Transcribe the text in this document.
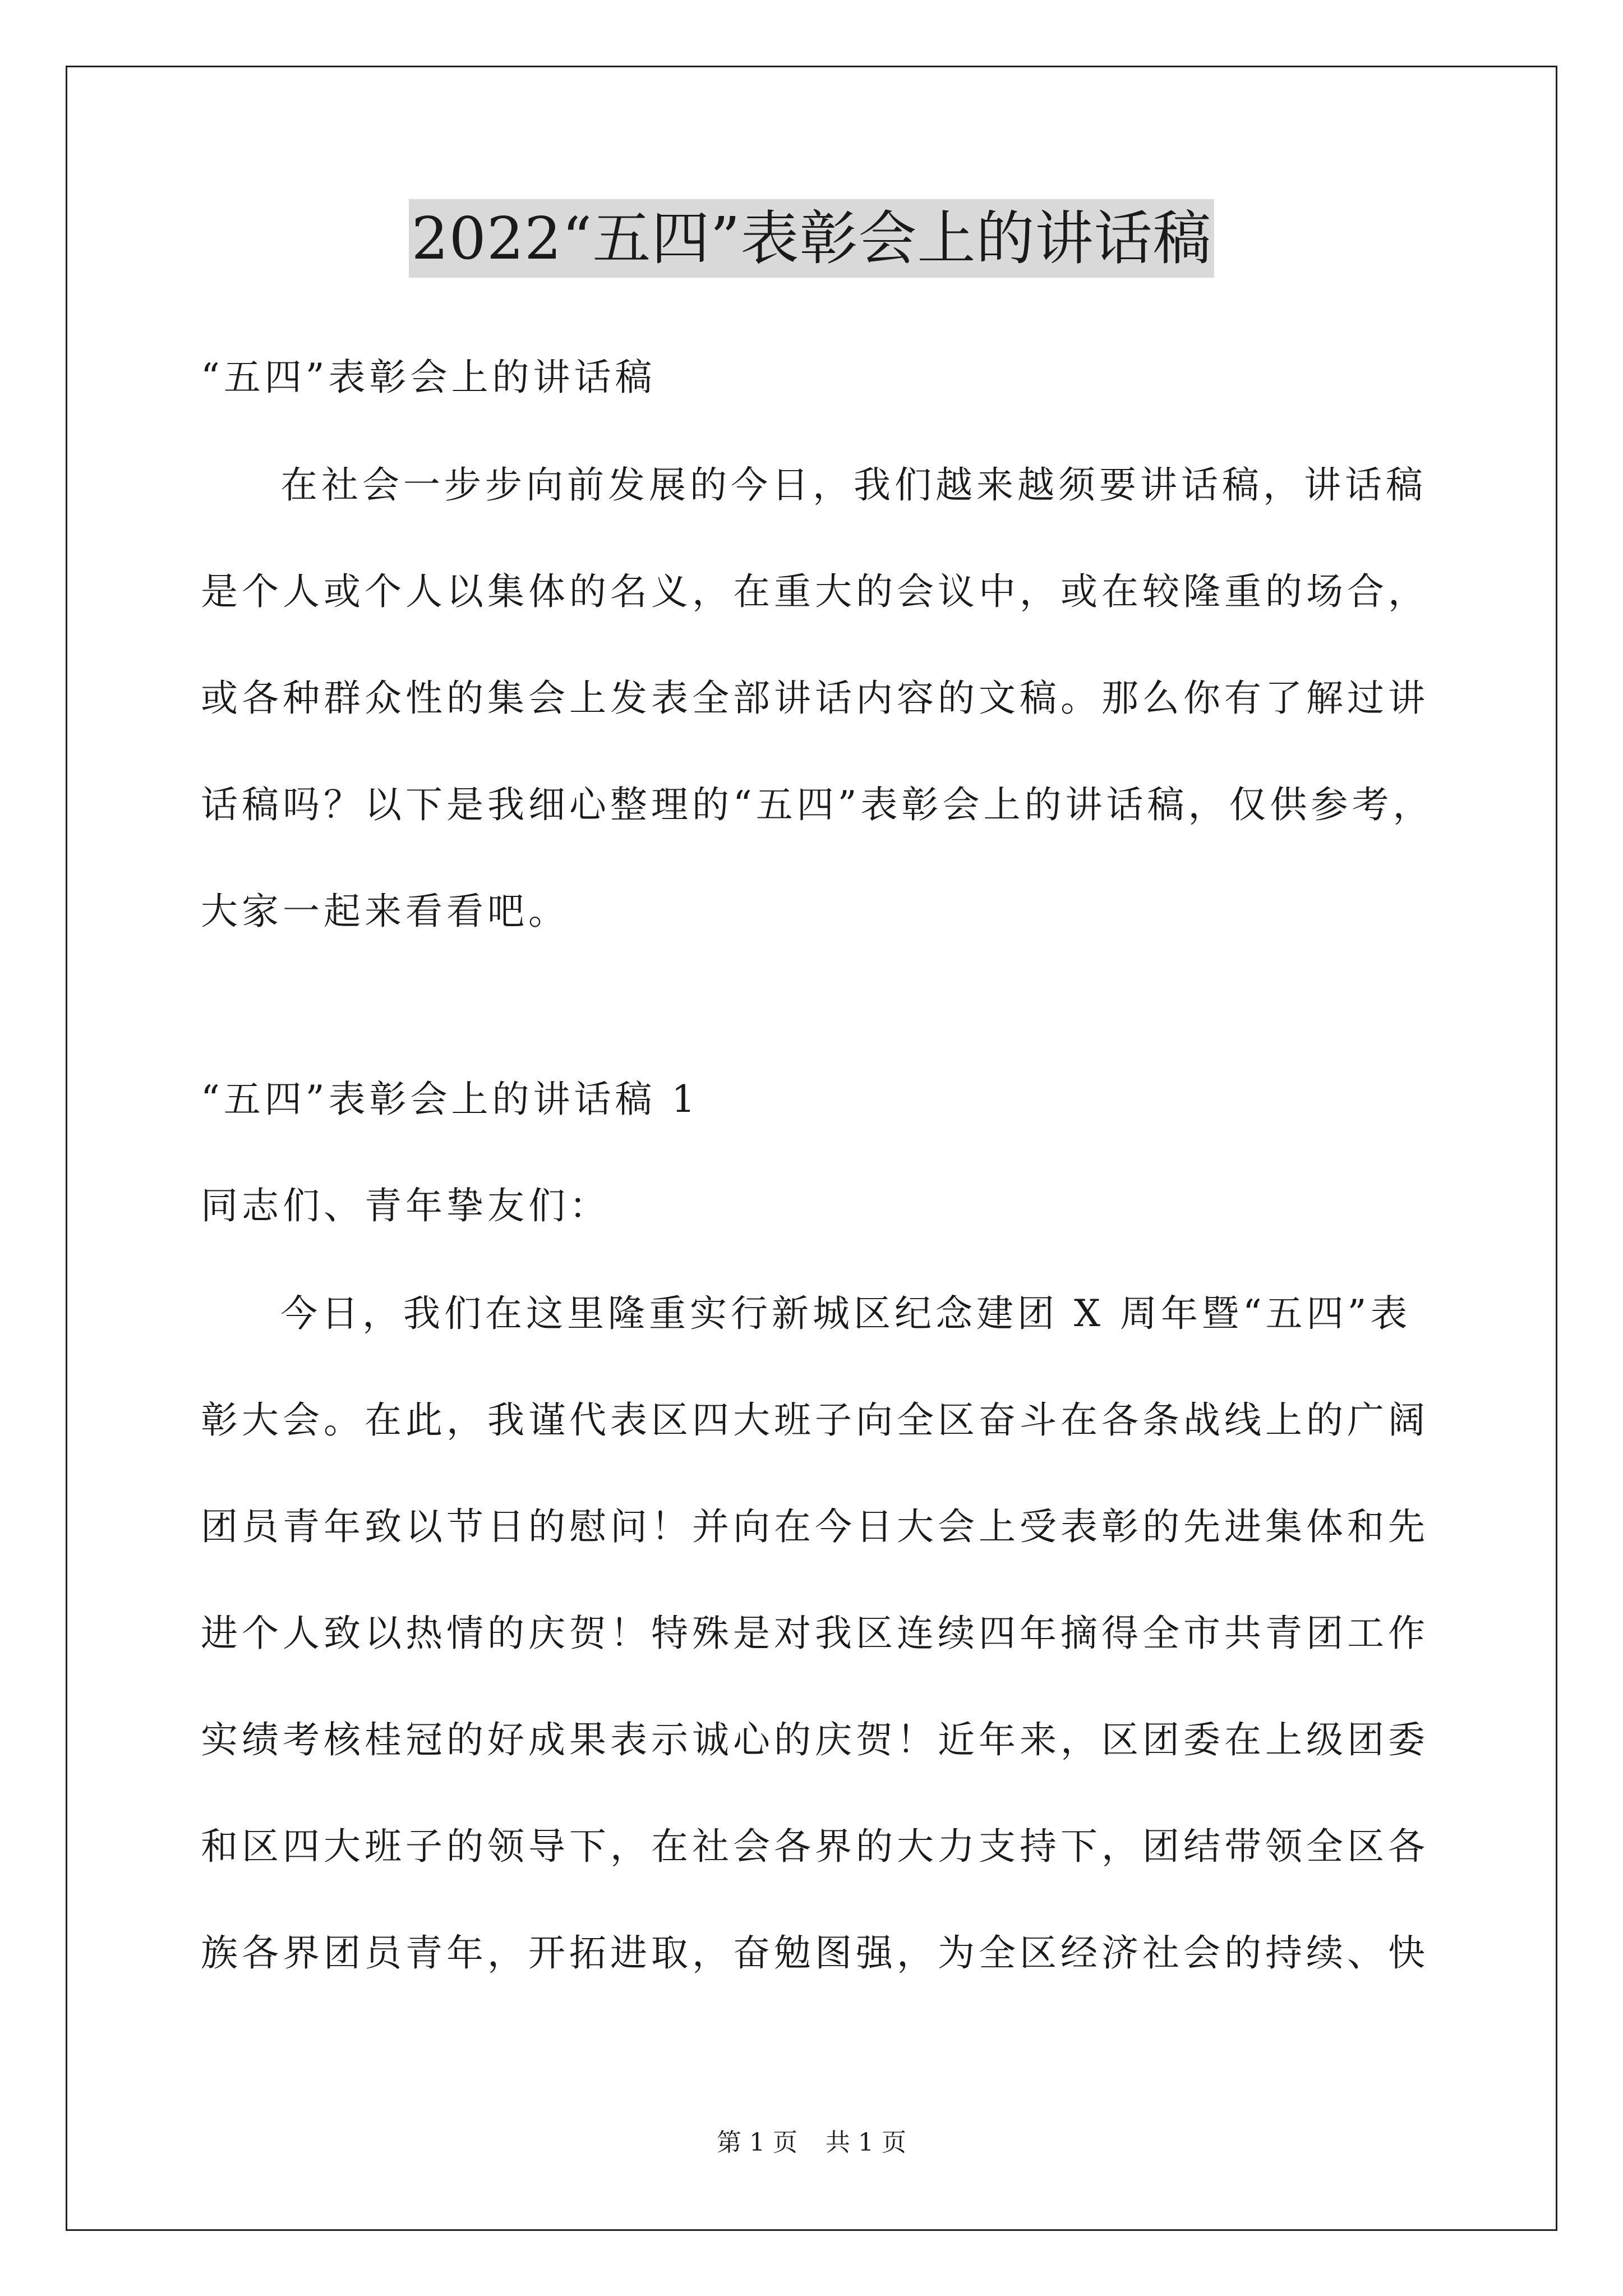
2022“五四”表彰会上的讲话稿
“五四”表彰会上的讲话稿
在社会一步步向前发展的今日，我们越来越须要讲话稿，讲话稿
是个人或个人以集体的名义，在重大的会议中，或在较隆重的场合，
或各种群众性的集会上发表全部讲话内容的文稿。那么你有了解过讲
话稿吗？以下是我细心整理的“五四”表彰会上的讲话稿，仅供参考，
大家一起来看看吧。
“五四”表彰会上的讲话稿 1
同志们、青年挚友们：
今日，我们在这里隆重实行新城区纪念建团 X 周年暨“五四”表
彰大会。在此，我谨代表区四大班子向全区奋斗在各条战线上的广阔
团员青年致以节日的慰问！并向在今日大会上受表彰的先进集体和先
进个人致以热情的庆贺！特殊是对我区连续四年摘得全市共青团工作
实绩考核桂冠的好成果表示诚心的庆贺！近年来，区团委在上级团委
和区四大班子的领导下，在社会各界的大力支持下，团结带领全区各
族各界团员青年，开拓进取，奋勉图强，为全区经济社会的持续、快
第 1 页 共 1 页
